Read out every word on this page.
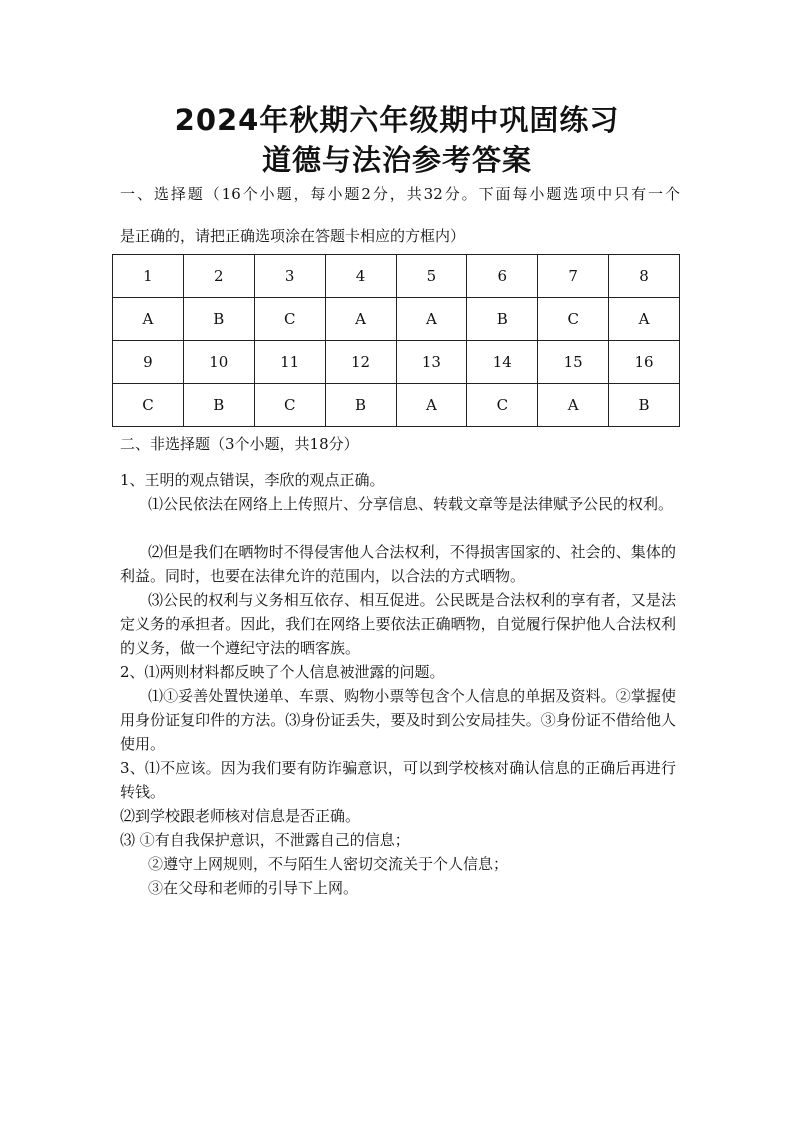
2024年秋期六年级期中巩固练习
道德与法治参考答案
一、选择题（16个小题，每小题2分，共32分。下面每小题选项中只有一个
是正确的，请把正确选项涂在答题卡相应的方框内）
1	2	3	4	5	6	7	8
A	B	C	A	A	B	C	A
9	10	11	12	13	14	15	16
C	B	C	B	A	C	A	B
二、非选择题（3个小题，共18分）
1、王明的观点错误，李欣的观点正确。
⑴公民依法在网络上上传照片、分享信息、转载文章等是法律赋予公民的权利。
⑵但是我们在晒物时不得侵害他人合法权利，不得损害国家的、社会的、集体的利益。同时，也要在法律允许的范围内，以合法的方式晒物。
⑶公民的权利与义务相互依存、相互促进。公民既是合法权利的享有者，又是法定义务的承担者。因此，我们在网络上要依法正确晒物，自觉履行保护他人合法权利的义务，做一个遵纪守法的晒客族。
2、⑴两则材料都反映了个人信息被泄露的问题。
⑴①妥善处置快递单、车票、购物小票等包含个人信息的单据及资料。②掌握使用身份证复印件的方法。⑶身份证丢失，要及时到公安局挂失。③身份证不借给他人使用。
3、⑴不应该。因为我们要有防诈骗意识，可以到学校核对确认信息的正确后再进行转钱。
⑵到学校跟老师核对信息是否正确。
⑶ ①有自我保护意识，不泄露自己的信息；
②遵守上网规则，不与陌生人密切交流关于个人信息；
③在父母和老师的引导下上网。
